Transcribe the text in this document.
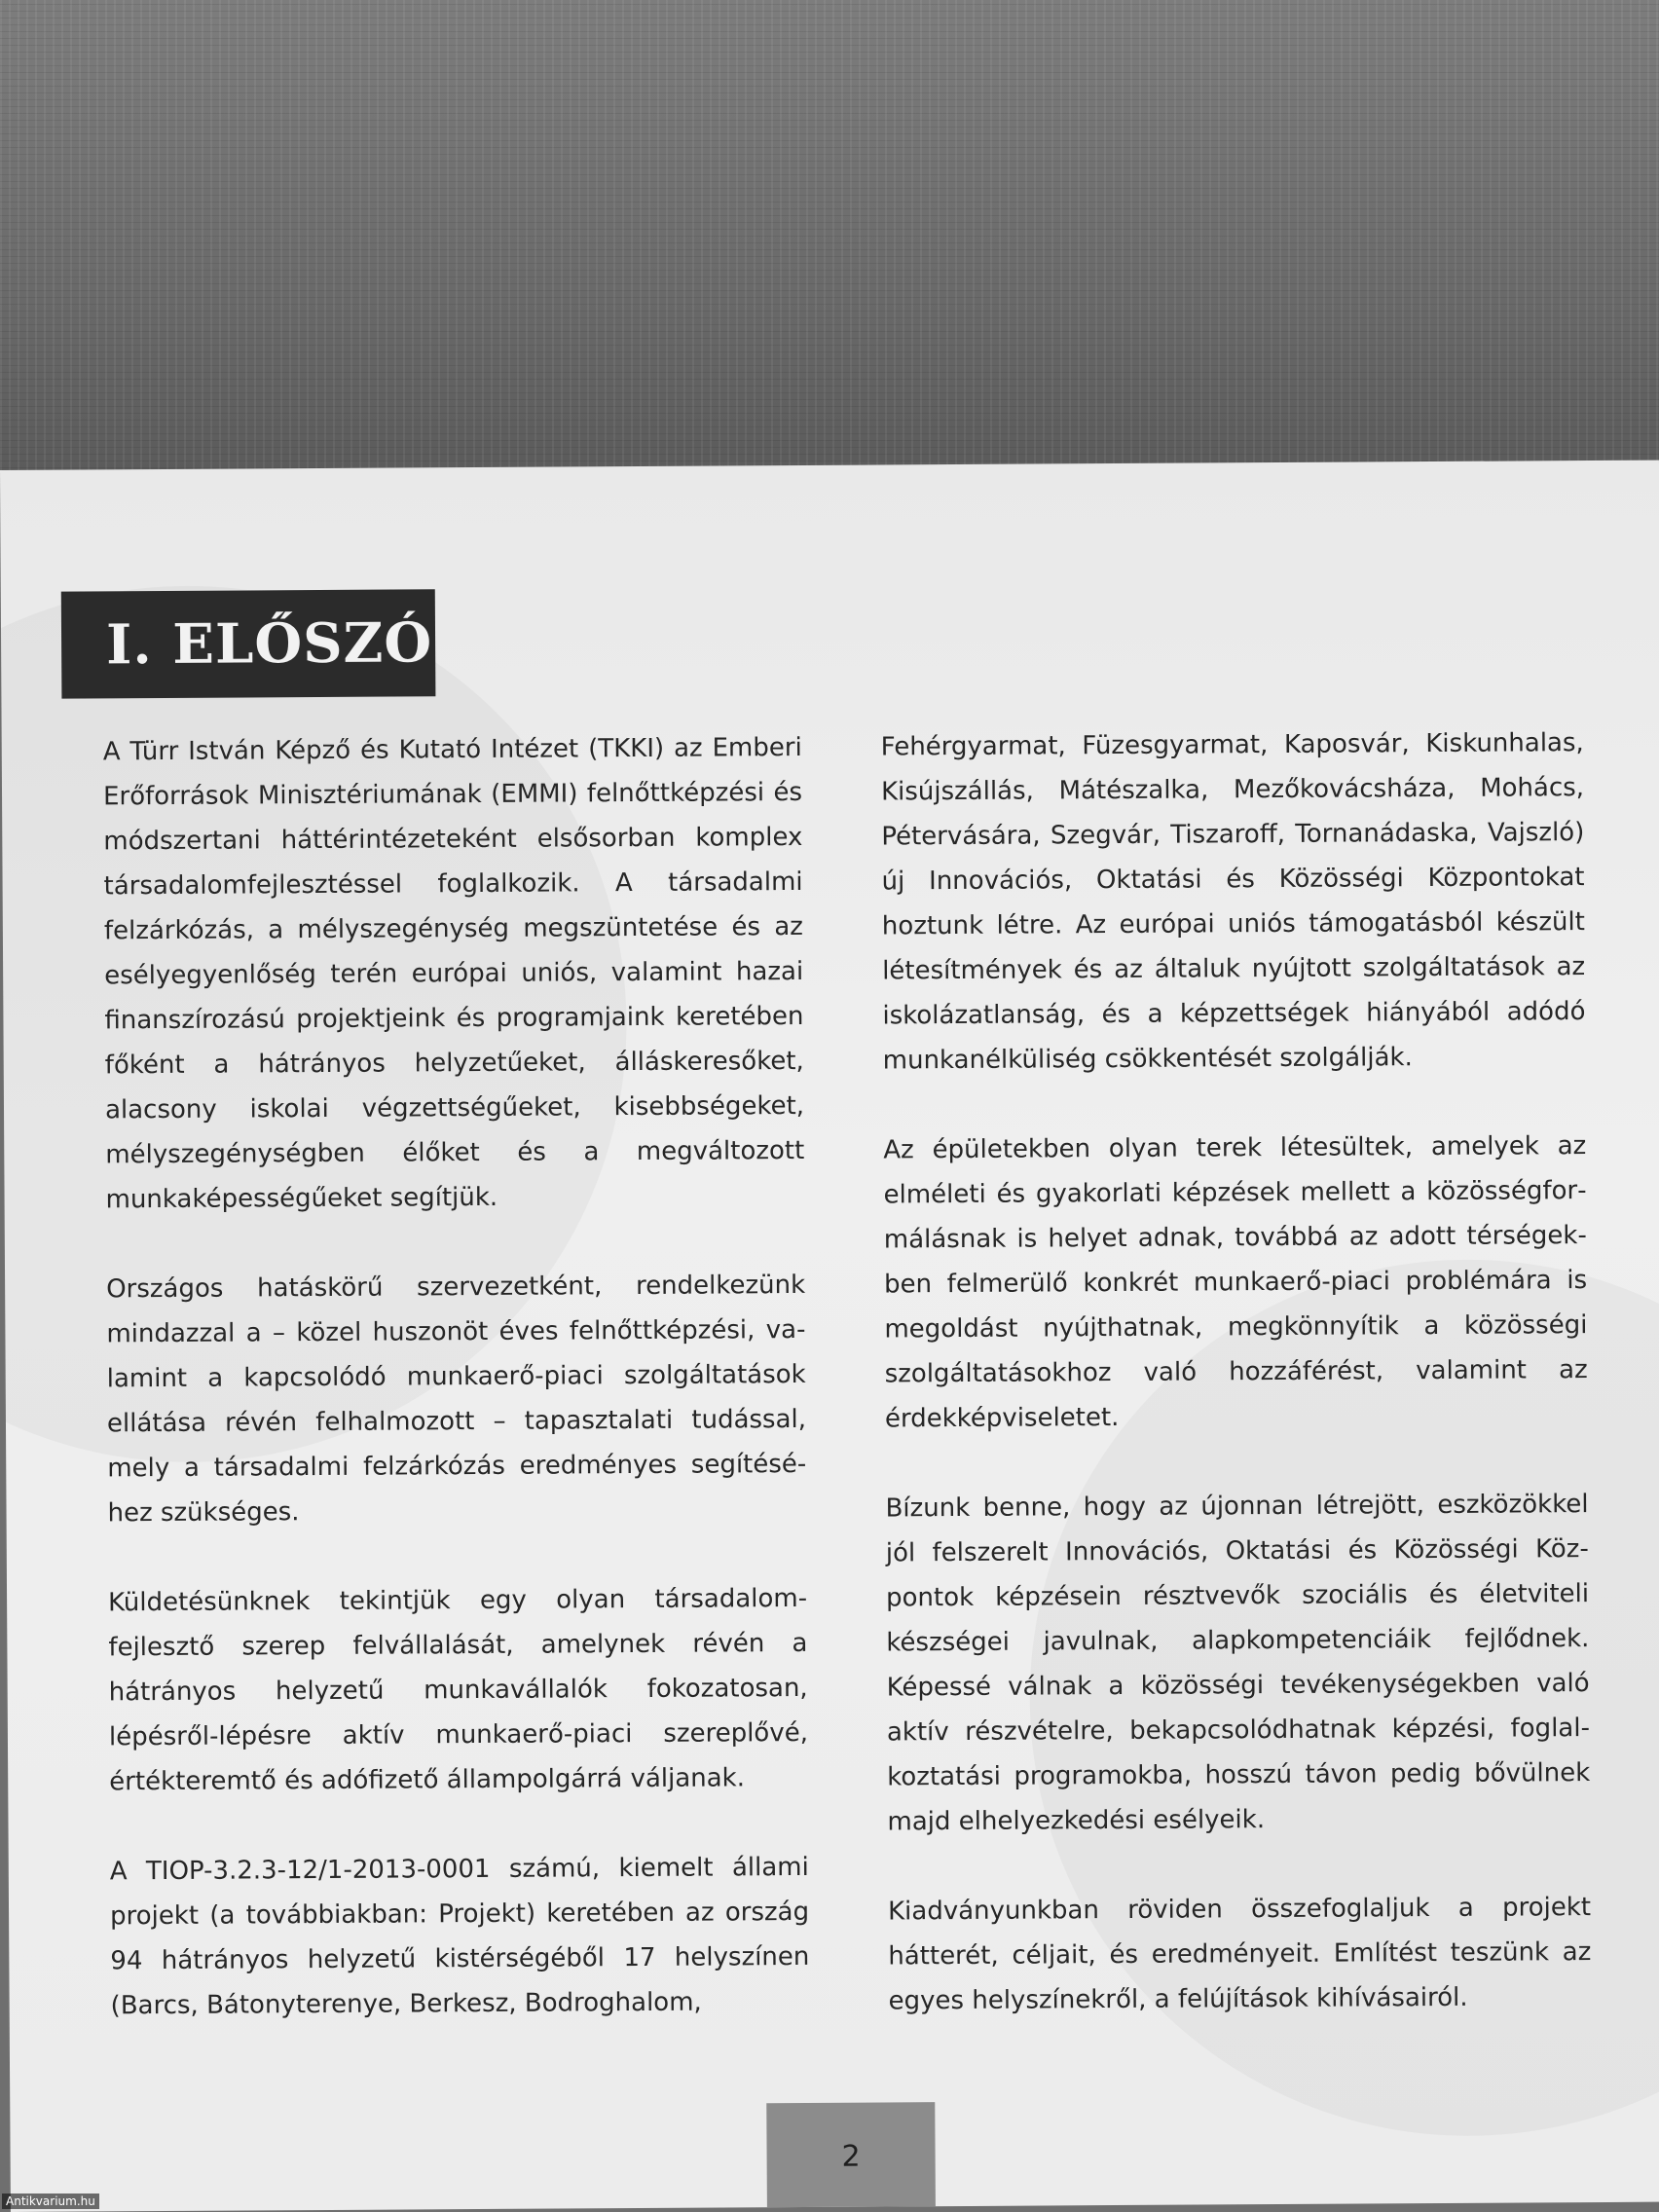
I. ELŐSZÓ

A Türr István Képző és Kutató Intézet (TKKI) az Emberi Erőforrások Minisztériumának (EMMI) felnőttképzési és módszertani háttérintézeteként elsősorban komplex társadalomfejlesztéssel foglalkozik. A társadalmi felzárkózás, a mélyszegénység megszüntetése és az esélyegyenlőség terén európai uniós, valamint hazai finanszírozású projektjeink és programjaink keretében főként a hátrányos helyzetűeket, álláskeresőket, alacsony iskolai végzettségűeket, kisebbségeket, mélyszegénységben élőket és a megváltozott munkaképességűeket segítjük.

Országos hatáskörű szervezetként, rendelkezünk mindazzal a – közel huszonöt éves felnőttképzési, valamint a kapcsolódó munkaerő-piaci szolgáltatások ellátása révén felhalmozott – tapasztalati tudással, mely a társadalmi felzárkózás eredményes segítéséhez szükséges.

Küldetésünknek tekintjük egy olyan társadalomfejlesztő szerep felvállalását, amelynek révén a hátrányos helyzetű munkavállalók fokozatosan, lépésről-lépésre aktív munkaerő-piaci szereplővé, értékteremtő és adófizető állampolgárrá váljanak.

A TIOP-3.2.3-12/1-2013-0001 számú, kiemelt állami projekt (a továbbiakban: Projekt) keretében az ország 94 hátrányos helyzetű kistérségéből 17 helyszínen (Barcs, Bátonyterenye, Berkesz, Bodroghalom,

Fehérgyarmat, Füzesgyarmat, Kaposvár, Kiskunhalas, Kisújszállás, Mátészalka, Mezőkovácsháza, Mohács, Pétervására, Szegvár, Tiszaroff, Tornanádaska, Vajszló) új Innovációs, Oktatási és Közösségi Központokat hoztunk létre. Az európai uniós támogatásból készült létesítmények és az általuk nyújtott szolgáltatások az iskolázatlanság, és a képzettségek hiányából adódó munkanélküliség csökkentését szolgálják.

Az épületekben olyan terek létesültek, amelyek az elméleti és gyakorlati képzések mellett a közösségformálásnak is helyet adnak, továbbá az adott térségekben felmerülő konkrét munkaerő-piaci problémára is megoldást nyújthatnak, megkönnyítik a közösségi szolgáltatásokhoz való hozzáférést, valamint az érdekképviseletet.

Bízunk benne, hogy az újonnan létrejött, eszközökkel jól felszerelt Innovációs, Oktatási és Közösségi Központok képzésein résztvevők szociális és életviteli készségei javulnak, alapkompetenciáik fejlődnek. Képessé válnak a közösségi tevékenységekben való aktív részvételre, bekapcsolódhatnak képzési, foglalkoztatási programokba, hosszú távon pedig bővülnek majd elhelyezkedési esélyeik.

Kiadványunkban röviden összefoglaljuk a projekt hátterét, céljait, és eredményeit. Említést teszünk az egyes helyszínekről, a felújítások kihívásairól.

2
Antikvarium.hu
